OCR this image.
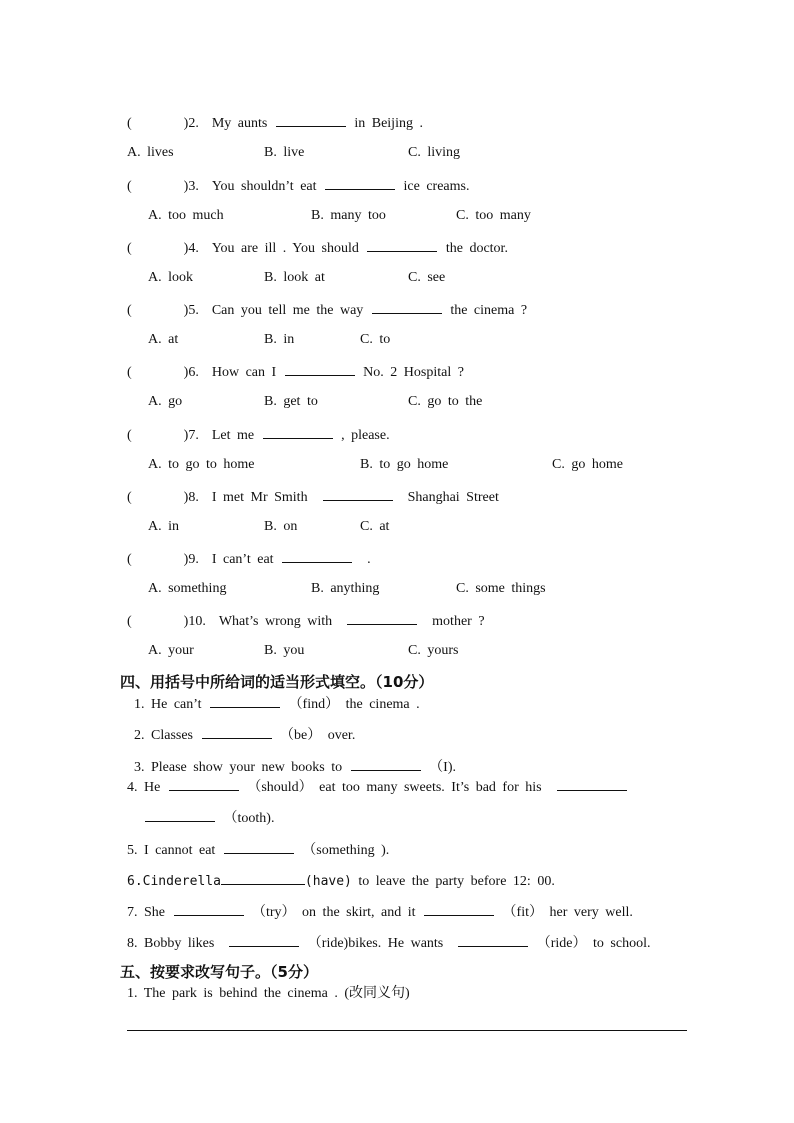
(	)2. My aunts	in Beijing .
A. lives	B. live	C. living
(	)3. You shouldn’t eat	ice creams.
A. too much	B. many too	C. too many
(	)4. You are ill . You should	the doctor.
A. look	B. look at	C. see
(	)5. Can you tell me the way	the cinema ?
A. at	B. in	C. to
(	)6. How can I	No. 2 Hospital ?
A. go	B. get to	C. go to the
(	)7. Let me	, please.
A. to go to home	B. to go home	C. go home
(	)8. I met Mr Smith	Shanghai Street
A. in	B. on	C. at
(	)9. I can’t eat	.
A. something	B. anything	C. some things
(	)10. What’s wrong with	mother ?
A. your	B. you	C. yours
四、用括号中所给词的适当形式填空。（10分）
1. He can’t	（find） the cinema .
2. Classes	（be） over.
3. Please show your new books to	（I).
4. He	（should） eat too many sweets. It’s bad for his
（tooth).
5. I cannot eat	（something ).
6.Cinderella	(have) to leave the party before 12: 00.
7. She	（try） on the skirt, and it	（fit） her very well.
8. Bobby likes	（ride)bikes. He wants	（ride） to school.
五、按要求改写句子。（5分）
1. The park is behind the cinema . (改同义句)
